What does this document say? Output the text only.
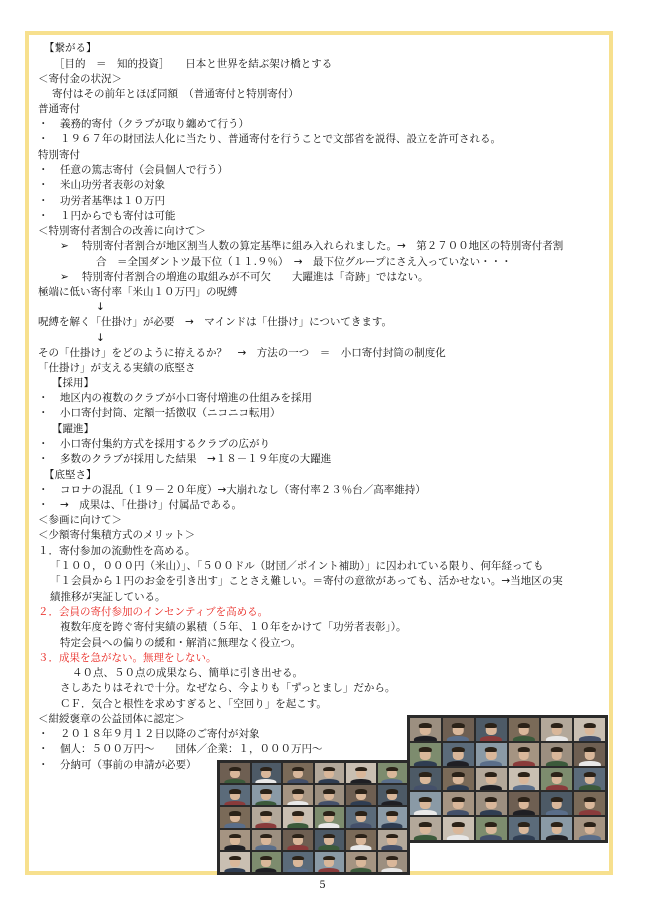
【繋がる】
［目的　＝　知的投資］　　日本と世界を結ぶ架け橋とする
＜寄付金の状況＞
寄付はその前年とほぼ同額　（普通寄付と特別寄付）
普通寄付
・ 義務的寄付（クラブが取り纏めて行う）
・ １９６７年の財団法人化に当たり、普通寄付を行うことで文部省を説得、設立を許可される。
特別寄付
・ 任意の篤志寄付（会員個人で行う）
・ 米山功労者表彰の対象
・ 功労者基準は１０万円
・ １円からでも寄付は可能
＜特別寄付者割合の改善に向けて＞
➢ 特別寄付者割合が地区割当人数の算定基準に組み入れられました。→　第２７００地区の特別寄付者割
合　＝全国ダントツ最下位（１１.９％）　→　最下位グループにさえ入っていない・・・
➢ 特別寄付者割合の増進の取組みが不可欠　　大躍進は「奇跡」ではない。
極端に低い寄付率「米山１０万円」の呪縛
↓
呪縛を解く「仕掛け」が必要　→　マインドは「仕掛け」についてきます。
↓
その「仕掛け」をどのように拵えるか？　→　方法の一つ　＝　小口寄付封筒の制度化
「仕掛け」が支える実績の底堅さ
【採用】
・ 地区内の複数のクラブが小口寄付増進の仕組みを採用
・ 小口寄付封筒、定額一括徴収（ニコニコ転用）
【躍進】
・ 小口寄付集約方式を採用するクラブの広がり
・ 多数のクラブが採用した結果　→１８－１９年度の大躍進
【底堅さ】
・ コロナの混乱（１９－２０年度）→大崩れなし（寄付率２３％台／高率維持）
・ →　成果は、「仕掛け」付属品である。
＜参画に向けて＞
＜少額寄付集積方式のメリット＞
１．寄付参加の流動性を高める。
「１００，０００円（米山）」、「５００ドル（財団／ポイント補助）」に囚われている限り、何年経っても
「１会員から１円のお金を引き出す」ことさえ難しい。＝寄付の意欲があっても、活かせない。→当地区の実
績推移が実証している。
２．会員の寄付参加のインセンティブを高める。
複数年度を跨ぐ寄付実績の累積（５年、１０年をかけて「功労者表彰」）。
特定会員への偏りの緩和・解消に無理なく役立つ。
３．成果を急がない。無理をしない。
４０点、５０点の成果なら、簡単に引き出せる。
さしあたりはそれで十分。なぜなら、今よりも「ずっとまし」だから。
ＣＦ．気合と根性を求めすぎると、「空回り」を起こす。
＜紺綬褒章の公益団体に認定＞
・ ２０１８年９月１２日以降のご寄付が対象
・ 個人：５００万円～　　団体／企業：１，０００万円～
・ 分納可（事前の申請が必要）
5
